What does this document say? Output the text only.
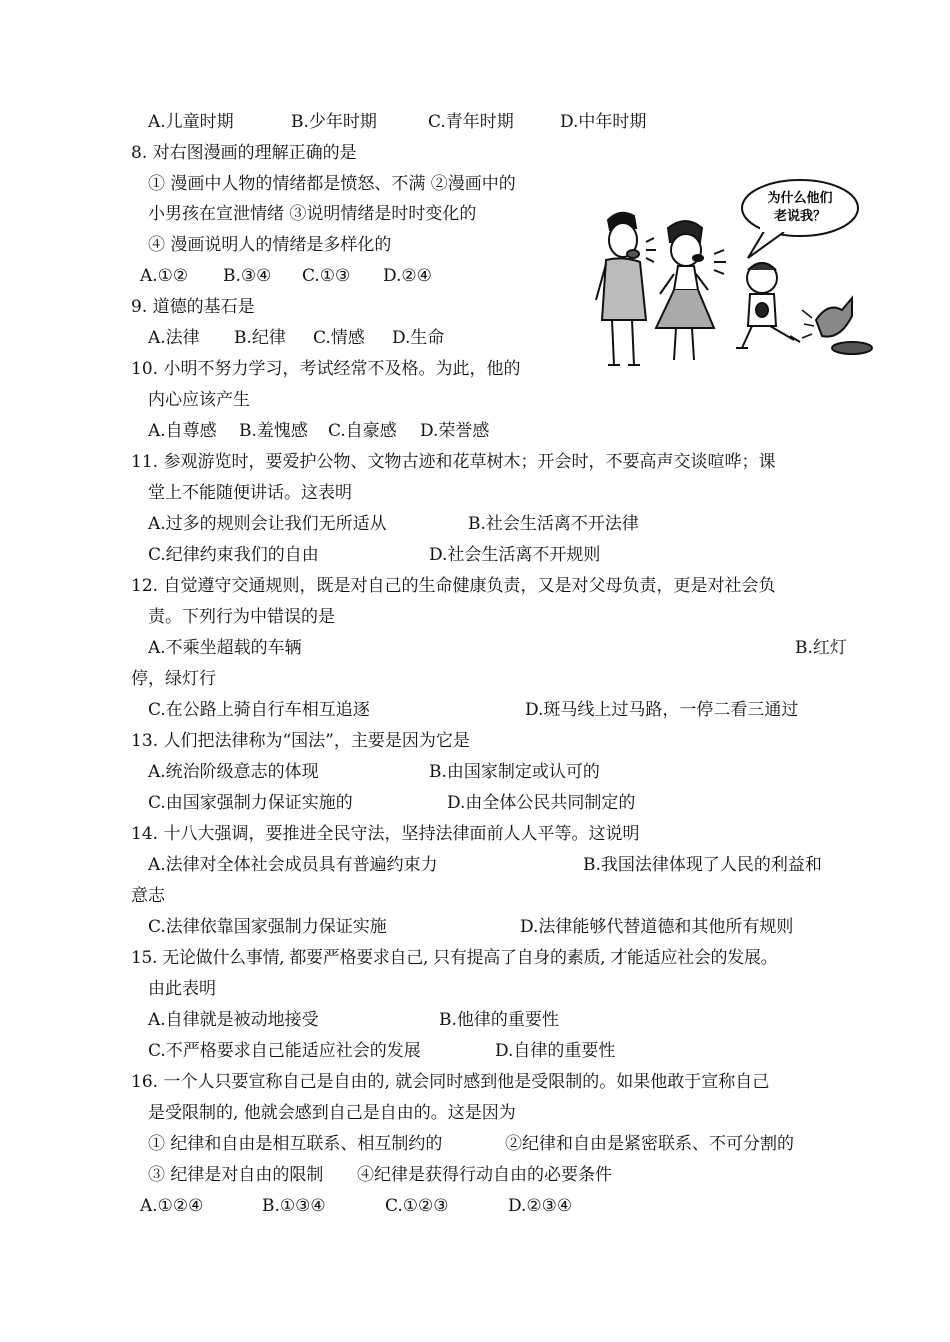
A.儿童时期	B.少年时期	C.青年时期	D.中年时期

8. 对右图漫画的理解正确的是

① 漫画中人物的情绪都是愤怒、不满 ②漫画中的

小男孩在宣泄情绪 ③说明情绪是时时变化的

④ 漫画说明人的情绪是多样化的

A.①② B.③④ C.①③ D.②④
为什么他们
老说我？

9. 道德的基石是

A.法律 B.纪律 C.情感 D.生命

10. 小明不努力学习，考试经常不及格。为此，他的

内心应该产生

A.自尊感 B.羞愧感 C.自豪感 D.荣誉感

11. 参观游览时，要爱护公物、文物古迹和花草树木；开会时，不要高声交谈喧哗；课

堂上不能随便讲话。这表明

A.过多的规则会让我们无所适从	B.社会生活离不开法律
C.纪律约束我们的自由	D.社会生活离不开规则

12. 自觉遵守交通规则，既是对自己的生命健康负责，又是对父母负责，更是对社会负

责。下列行为中错误的是

A.不乘坐超载的车辆	B.红灯

停，绿灯行

C.在公路上骑自行车相互追逐	D.斑马线上过马路，一停二看三通过

13. 人们把法律称为“国法”，主要是因为它是

A.统治阶级意志的体现	B.由国家制定或认可的
C.由国家强制力保证实施的	D.由全体公民共同制定的

14. 十八大强调，要推进全民守法，坚持法律面前人人平等。这说明

A.法律对全体社会成员具有普遍约束力	B.我国法律体现了人民的利益和

意志

C.法律依靠国家强制力保证实施	D.法律能够代替道德和其他所有规则

15. 无论做什么事情, 都要严格要求自己, 只有提高了自身的素质, 才能适应社会的发展。

由此表明

A.自律就是被动地接受	B.他律的重要性
C.不严格要求自己能适应社会的发展	D.自律的重要性

16. 一个人只要宣称自己是自由的, 就会同时感到他是受限制的。如果他敢于宣称自己

是受限制的, 他就会感到自己是自由的。这是因为

① 纪律和自由是相互联系、相互制约的	②纪律和自由是紧密联系、不可分割的
③ 纪律是对自由的限制 ④纪律是获得行动自由的必要条件
A.①②④	B.①③④	C.①②③	D.②③④
